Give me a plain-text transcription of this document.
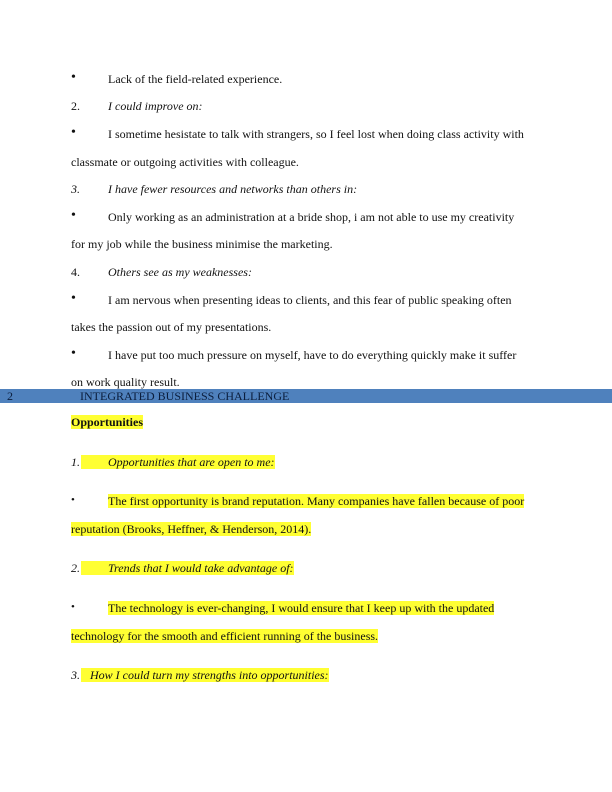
•	Lack of the field-related experience.
2. I could improve on:
•	I sometime hesistate to talk with strangers, so I feel lost when doing class activity with
classmate or outgoing activities with colleague.
3. I have fewer resources and networks than others in:
•	Only working as an administration at a bride shop, i am not able to use my creativity
for my job while the business minimise the marketing.
4. Others see as my weaknesses:
•	I am nervous when presenting ideas to clients, and this fear of public speaking often
takes the passion out of my presentations.
•	I have put too much pressure on myself, have to do everything quickly make it suffer
on work quality result.
2	INTEGRATED BUSINESS CHALLENGE
Opportunities
1.	Opportunities that are open to me:
•	The first opportunity is brand reputation. Many companies have fallen because of poor
reputation (Brooks, Heffner, & Henderson, 2014).
2.	Trends that I would take advantage of:
•	The technology is ever-changing, I would ensure that I keep up with the updated
technology for the smooth and efficient running of the business.
3. How I could turn my strengths into opportunities:
